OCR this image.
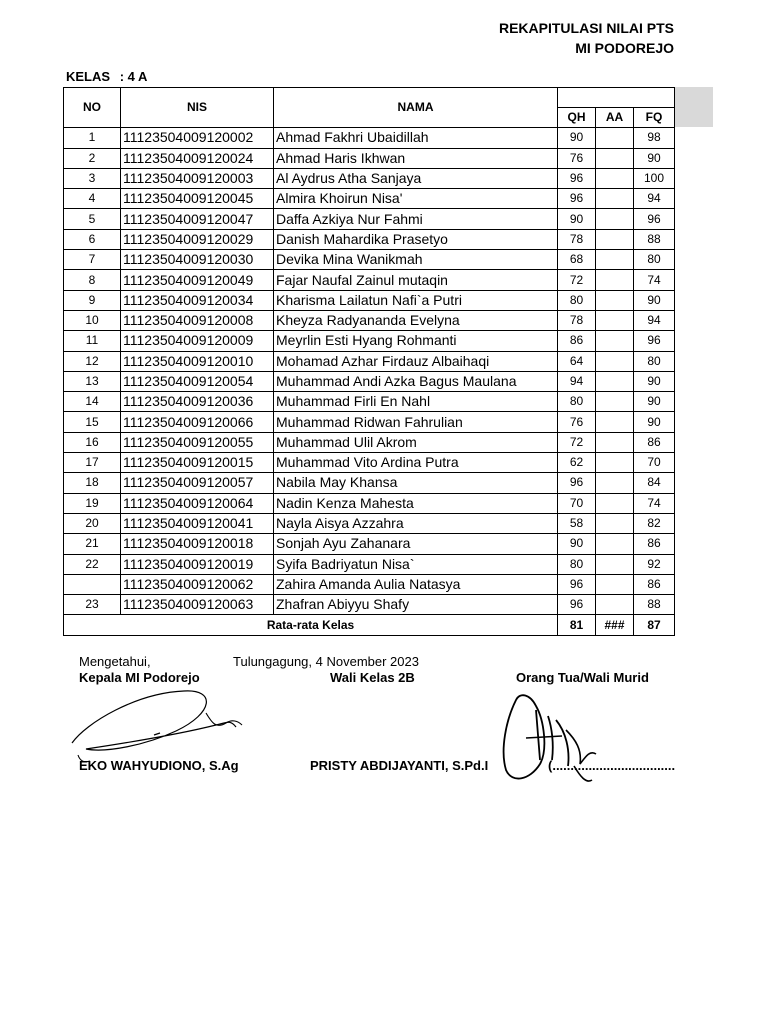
REKAPITULASI NILAI PTS
MI PODOREJO
KELAS : 4 A
NO	NIS	NAMA			
			QH	AA	FQ
1	11123504009120002	Ahmad Fakhri Ubaidillah	90		98
2	11123504009120024	Ahmad Haris Ikhwan	76		90
3	11123504009120003	Al Aydrus Atha Sanjaya	96		100
4	11123504009120045	Almira Khoirun Nisa'	96		94
5	11123504009120047	Daffa Azkiya Nur Fahmi	90		96
6	11123504009120029	Danish Mahardika Prasetyo	78		88
7	11123504009120030	Devika Mina Wanikmah	68		80
8	11123504009120049	Fajar Naufal Zainul mutaqin	72		74
9	11123504009120034	Kharisma Lailatun Nafi`a Putri	80		90
10	11123504009120008	Kheyza Radyananda Evelyna	78		94
11	11123504009120009	Meyrlin Esti Hyang Rohmanti	86		96
12	11123504009120010	Mohamad Azhar Firdauz Albaihaqi	64		80
13	11123504009120054	Muhammad Andi Azka Bagus Maulana	94		90
14	11123504009120036	Muhammad Firli En Nahl	80		90
15	11123504009120066	Muhammad Ridwan Fahrulian	76		90
16	11123504009120055	Muhammad Ulil Akrom	72		86
17	11123504009120015	Muhammad Vito Ardina Putra	62		70
18	11123504009120057	Nabila May Khansa	96		84
19	11123504009120064	Nadin Kenza Mahesta	70		74
20	11123504009120041	Nayla Aisya Azzahra	58		82
21	11123504009120018	Sonjah Ayu Zahanara	90		86
22	11123504009120019	Syifa Badriyatun Nisa`	80		92
	11123504009120062	Zahira Amanda Aulia Natasya	96		86
23	11123504009120063	Zhafran Abiyyu Shafy	96		88
Rata-rata Kelas			81	###	87
Mengetahui,	Tulungagung, 4 November 2023
Kepala MI Podorejo	Wali Kelas 2B	Orang Tua/Wali Murid
EKO WAHYUDIONO, S.Ag	PRISTY ABDIJAYANTI, S.Pd.I	(..................................
